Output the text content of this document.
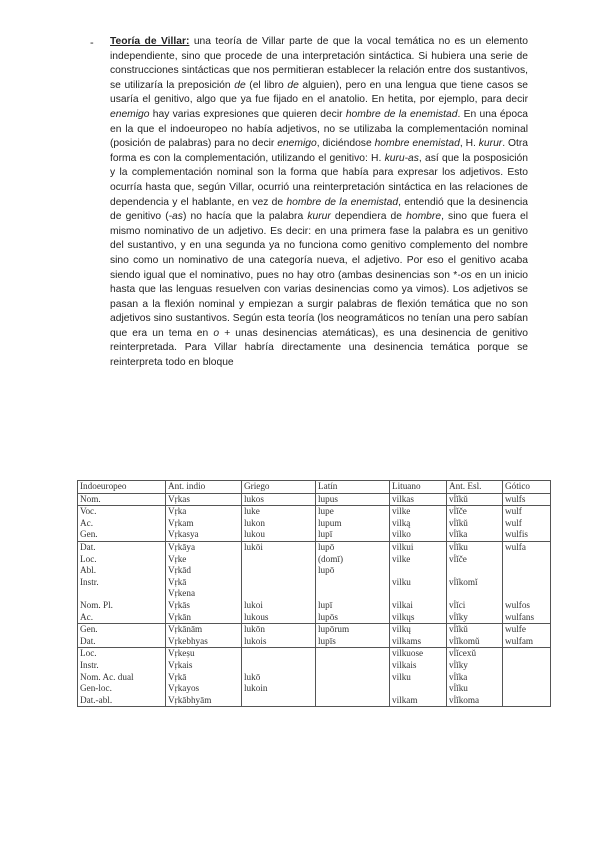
- Teoría de Villar: una teoría de Villar parte de que la vocal temática no es un elemento independiente, sino que procede de una interpretación sintáctica. Si hubiera una serie de construcciones sintácticas que nos permitieran establecer la relación entre dos sustantivos, se utilizaría la preposición de (el libro de alguien), pero en una lengua que tiene casos se usaría el genitivo, algo que ya fue fijado en el anatolio. En hetita, por ejemplo, para decir enemigo hay varias expresiones que quieren decir hombre de la enemistad. En una época en la que el indoeuropeo no había adjetivos, no se utilizaba la complementación nominal (posición de palabras) para no decir enemigo, diciéndose hombre enemistad, H. kurur. Otra forma es con la complementación, utilizando el genitivo: H. kuru-as, así que la posposición y la complementación nominal son la forma que había para expresar los adjetivos. Esto ocurría hasta que, según Villar, ocurrió una reinterpretación sintáctica en las relaciones de dependencia y el hablante, en vez de hombre de la enemistad, entendió que la desinencia de genitivo (-as) no hacía que la palabra kurur dependiera de hombre, sino que fuera el mismo nominativo de un adjetivo. Es decir: en una primera fase la palabra es un genitivo del sustantivo, y en una segunda ya no funciona como genitivo complemento del nombre sino como un nominativo de una categoría nueva, el adjetivo. Por eso el genitivo acaba siendo igual que el nominativo, pues no hay otro (ambas desinencias son *-os en un inicio hasta que las lenguas resuelven con varias desinencias como ya vimos). Los adjetivos se pasan a la flexión nominal y empiezan a surgir palabras de flexión temática que no son adjetivos sino sustantivos. Según esta teoría (los neogramáticos no tenían una pero sabían que era un tema en o + unas desinencias atemáticas), es una desinencia de genitivo reinterpretada. Para Villar habría directamente una desinencia temática porque se reinterpreta todo en bloque

Indoeuropeo	Ant. indio	Griego	Latín	Lituano	Ant. Esl.	Gótico
Nom.	Vṛkas	lukos	lupus	vilkas	vĺĭkŭ	wulfs
Voc.	Vṛka	luke	lupe	vilke	vĺĭče	wulf
Ac.	Vṛkam	lukon	lupum	vilką	vĺĭkŭ	wulf
Gen.	Vṛkasya	lukou	lupī	vilko	vĺĭka	wulfis
Dat.	Vṛkāya	lukōi	lupō	vilkui	vĺĭku	wulfa
Loc.	Vṛke		(domī)	vilke	vĺĭče	
Abl.	Vṛkād		lupō			
Instr.	Vṛkā			vilku	vĺĭkomĭ	
	Vṛkena					
Nom. Pl.	Vṛkās	lukoi	lupī	vilkai	vĺĭci	wulfos
Ac.	Vṛkān	lukous	lupōs	vilkųs	vĺĭky	wulfans
Gen.	Vṛkānām	lukōn	lupōrum	vilkų	vĺĭkŭ	wulfe
Dat.	Vṛkebhyas	lukois	lupīs	vilkams	vĺĭkomŭ	wulfam
Loc.	Vṛkeṣu			vilkuose	vĺĭcexŭ	
Instr.	Vṛkais			vilkais	vĺĭky	
Nom. Ac. dual	Vṛkā	lukō		vilku	vĺĭka	
Gen-loc.	Vṛkayos	lukoin			vĺĭku	
Dat.-abl.	Vṛkābhyām			vilkam	vĺĭkoma	
